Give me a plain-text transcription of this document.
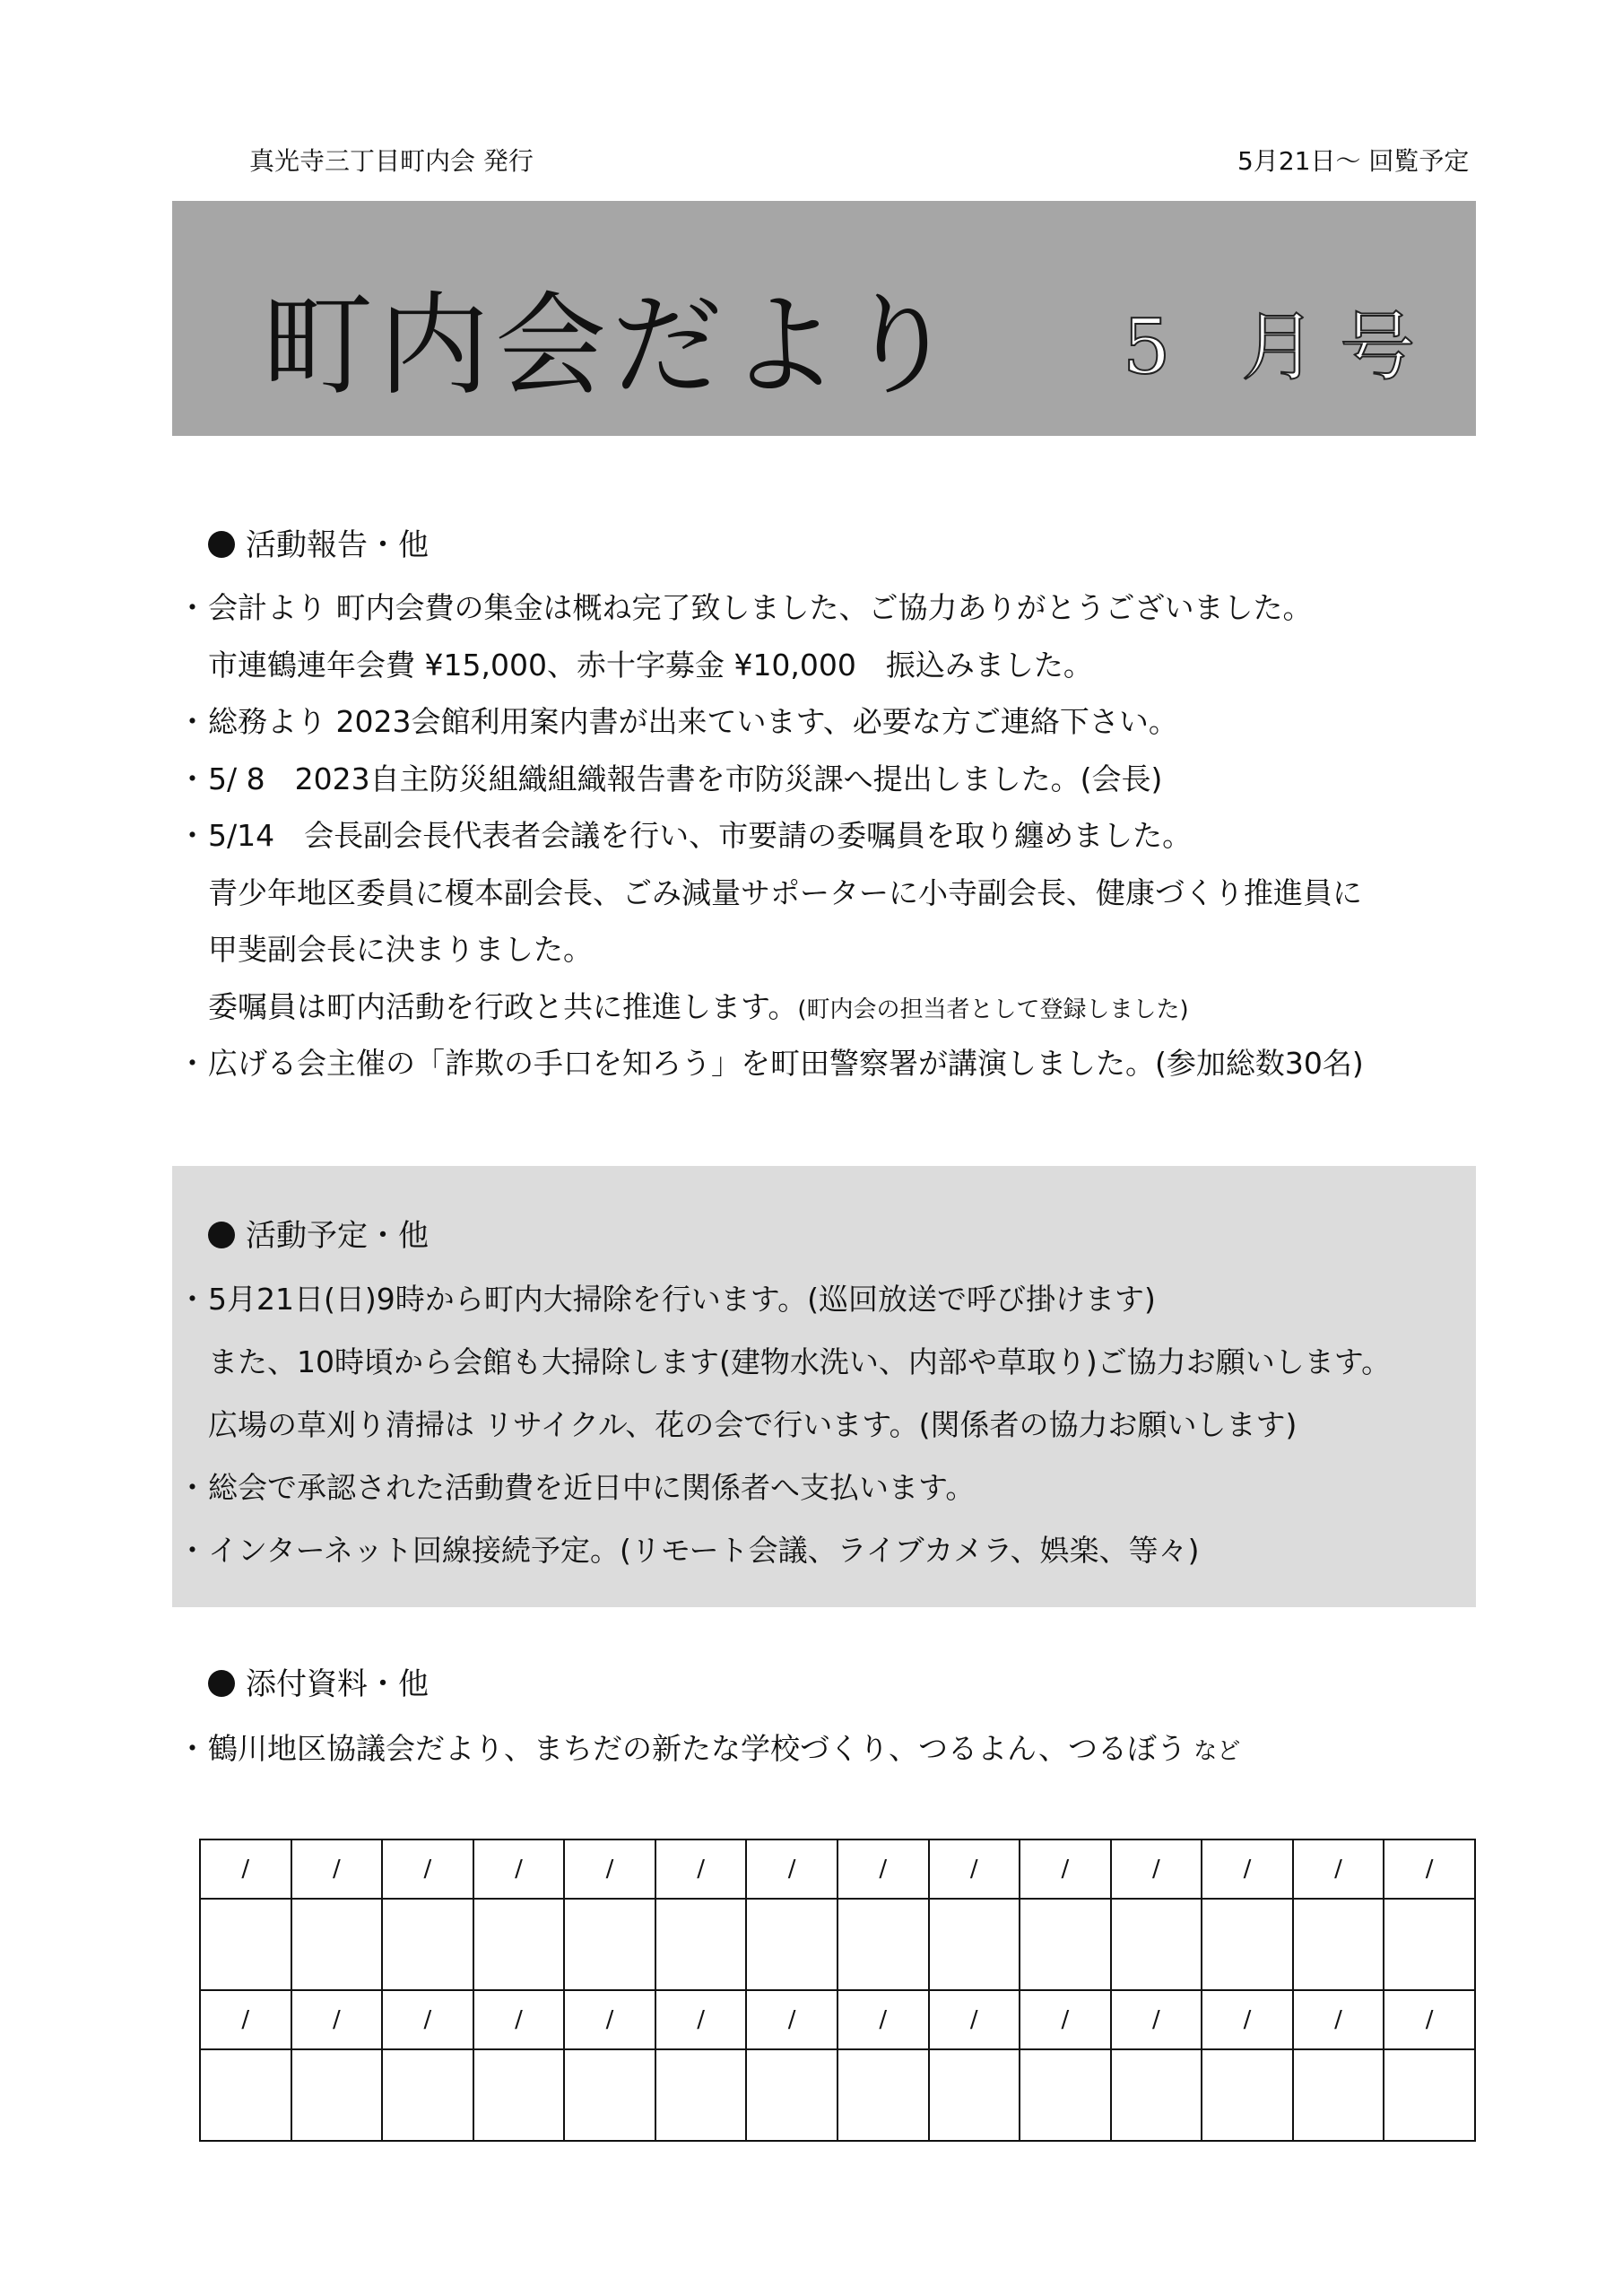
真光寺三丁目町内会 発行	5月21日～ 回覧予定
町内会だより 5 月号
活動報告・他
・ 会計より 町内会費の集金は概ね完了致しました、ご協力ありがとうございました。
市連鶴連年会費 ¥15,000、赤十字募金 ¥10,000　振込みました。
・ 総務より 2023会館利用案内書が出来ています、必要な方ご連絡下さい。
・ 5/ 8　2023自主防災組織組織報告書を市防災課へ提出しました。(会長)
・ 5/14　会長副会長代表者会議を行い、市要請の委嘱員を取り纏めました。
青少年地区委員に榎本副会長、ごみ減量サポーターに小寺副会長、健康づくり推進員に
甲斐副会長に決まりました。
委嘱員は町内活動を行政と共に推進します。(町内会の担当者として登録しました)
・ 広げる会主催の「詐欺の手口を知ろう」を町田警察署が講演しました。(参加総数30名)
活動予定・他
・ 5月21日(日)9時から町内大掃除を行います。(巡回放送で呼び掛けます)
また、10時頃から会館も大掃除します(建物水洗い、内部や草取り)ご協力お願いします。
広場の草刈り清掃は リサイクル、花の会で行います。(関係者の協力お願いします)
・ 総会で承認された活動費を近日中に関係者へ支払います。
・ インターネット回線接続予定。(リモート会議、ライブカメラ、娯楽、等々)
添付資料・他
・ 鶴川地区協議会だより、まちだの新たな学校づくり、つるよん、つるぼう など
/	/	/	/	/	/	/	/	/	/	/	/	/	/

/	/	/	/	/	/	/	/	/	/	/	/	/	/
